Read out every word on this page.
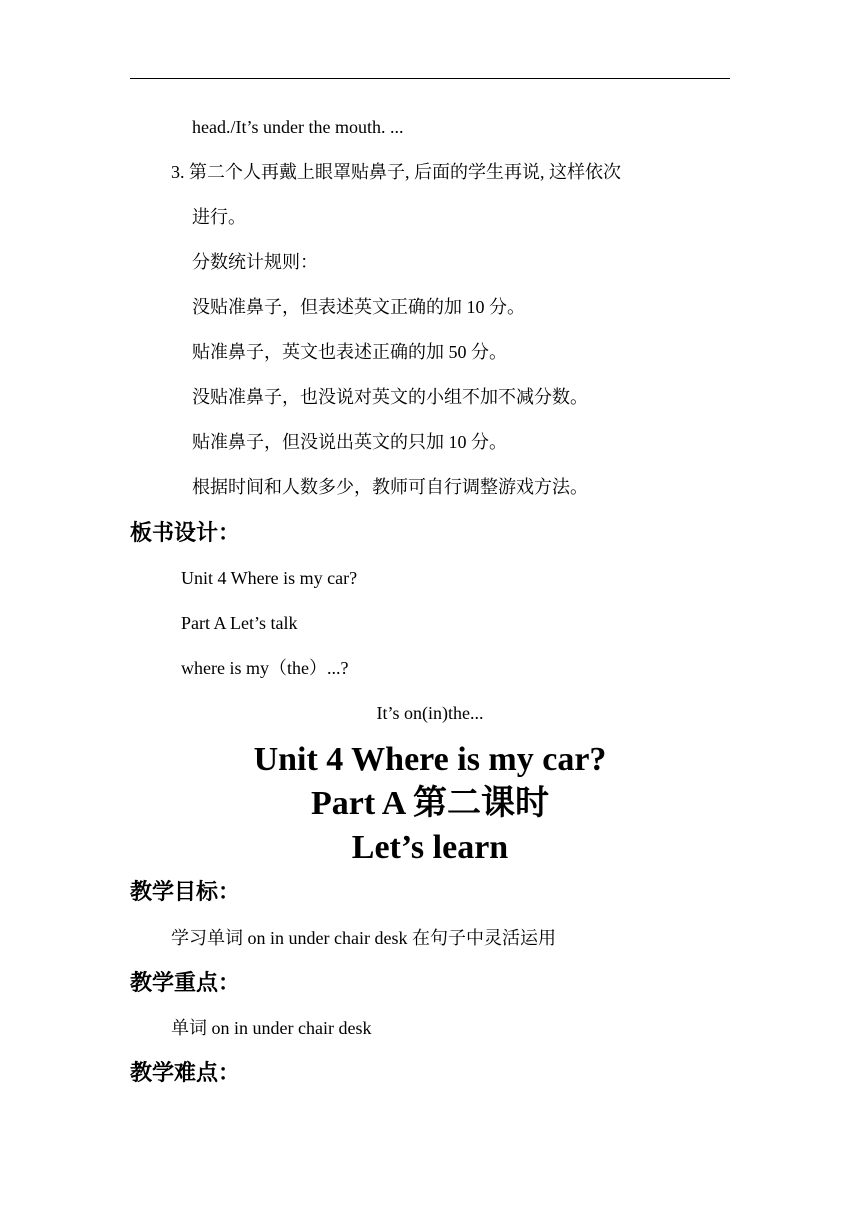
head./It’s under the mouth. ...
3. 第二个人再戴上眼罩贴鼻子, 后面的学生再说, 这样依次
进行。
分数统计规则：
没贴准鼻子，但表述英文正确的加 10 分。
贴准鼻子，英文也表述正确的加 50 分。
没贴准鼻子，也没说对英文的小组不加不减分数。
贴准鼻子，但没说出英文的只加 10 分。
根据时间和人数多少，教师可自行调整游戏方法。
板书设计：
Unit 4 Where is my car?
Part A Let’s talk
where is my（the）...?
It’s on(in)the...
Unit 4 Where is my car?
Part A 第二课时
Let’s learn
教学目标：
学习单词 on in under chair desk 在句子中灵活运用
教学重点：
单词 on in under chair desk
教学难点：
